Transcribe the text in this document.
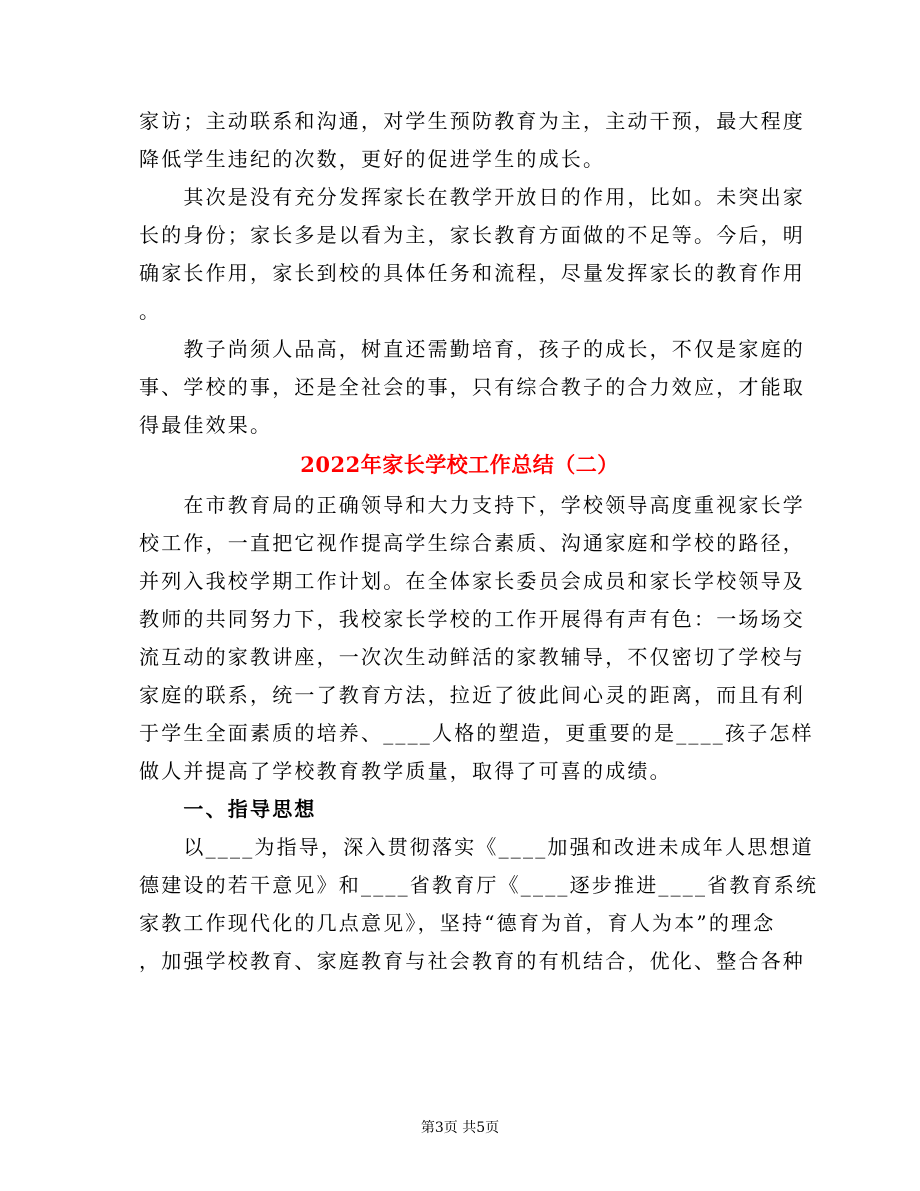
家访；主动联系和沟通，对学生预防教育为主，主动干预，最大程度
降低学生违纪的次数，更好的促进学生的成长。
　　其次是没有充分发挥家长在教学开放日的作用，比如。未突出家
长的身份；家长多是以看为主，家长教育方面做的不足等。今后，明
确家长作用，家长到校的具体任务和流程，尽量发挥家长的教育作用
。
　　教子尚须人品高，树直还需勤培育，孩子的成长，不仅是家庭的
事、学校的事，还是全社会的事，只有综合教子的合力效应，才能取
得最佳效果。
2022年家长学校工作总结（二）
　　在市教育局的正确领导和大力支持下，学校领导高度重视家长学
校工作，一直把它视作提高学生综合素质、沟通家庭和学校的路径，
并列入我校学期工作计划。在全体家长委员会成员和家长学校领导及
教师的共同努力下，我校家长学校的工作开展得有声有色：一场场交
流互动的家教讲座，一次次生动鲜活的家教辅导，不仅密切了学校与
家庭的联系，统一了教育方法，拉近了彼此间心灵的距离，而且有利
于学生全面素质的培养、____人格的塑造，更重要的是____孩子怎样
做人并提高了学校教育教学质量，取得了可喜的成绩。
　　一、指导思想
　　以____为指导，深入贯彻落实《____加强和改进未成年人思想道
德建设的若干意见》和____省教育厅《____逐步推进____省教育系统
家教工作现代化的几点意见》，坚持“德育为首，育人为本”的理念
，加强学校教育、家庭教育与社会教育的有机结合，优化、整合各种
第3页 共5页
